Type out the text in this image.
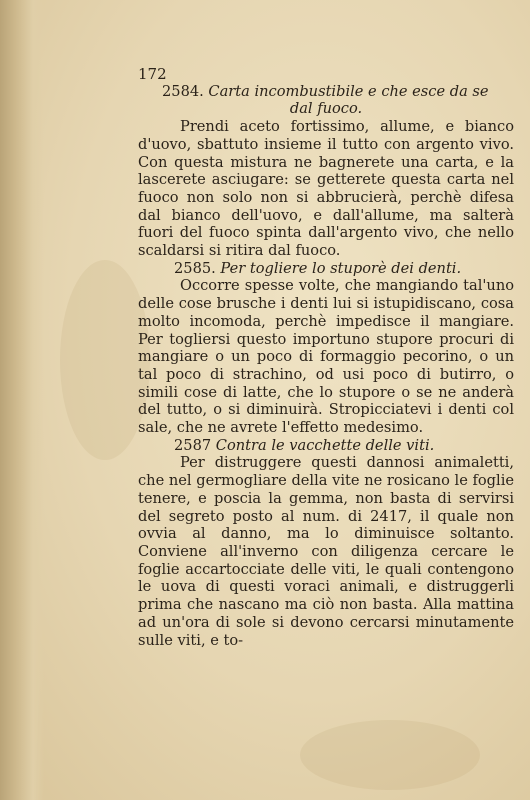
172
2584. Carta incombustibile e che esce da se
dal fuoco.

Prendi aceto fortissimo, allume, e bianco d'uovo, sbattuto insieme il tutto con argento vivo. Con questa mistura ne bagnerete una carta, e la lascerete asciugare: se getterete questa carta nel fuoco non solo non si abbrucierà, perchè difesa dal bianco dell'uovo, e dall'allume, ma salterà fuori del fuoco spinta dall'argento vivo, che nello scaldarsi si ritira dal fuoco.

2585. Per togliere lo stuporè dei denti.

Occorre spesse volte, che mangiando tal'uno delle cose brusche i denti lui si istupidiscano, cosa molto incomoda, perchè impedisce il mangiare. Per togliersi questo importuno stupore procuri di mangiare o un poco di formaggio pecorino, o un tal poco di strachino, od usi poco di butirro, o simili cose di latte, che lo stupore o se ne anderà del tutto, o si diminuirà. Stropicciatevi i denti col sale, che ne avrete l'effetto medesimo.

2587 Contra le vacchette delle viti.

Per distruggere questi dannosi animaletti, che nel germogliare della vite ne rosicano le foglie tenere, e poscia la gemma, non basta di servirsi del segreto posto al num. di 2417, il quale non ovvia al danno, ma lo diminuisce soltanto. Conviene all'inverno con diligenza cercare le foglie accartocciate delle viti, le quali contengono le uova di questi voraci animali, e distruggerli prima che nascano ma ciò non basta. Alla mattina ad un'ora di sole si devono cercarsi minutamente sulle viti, e to-
